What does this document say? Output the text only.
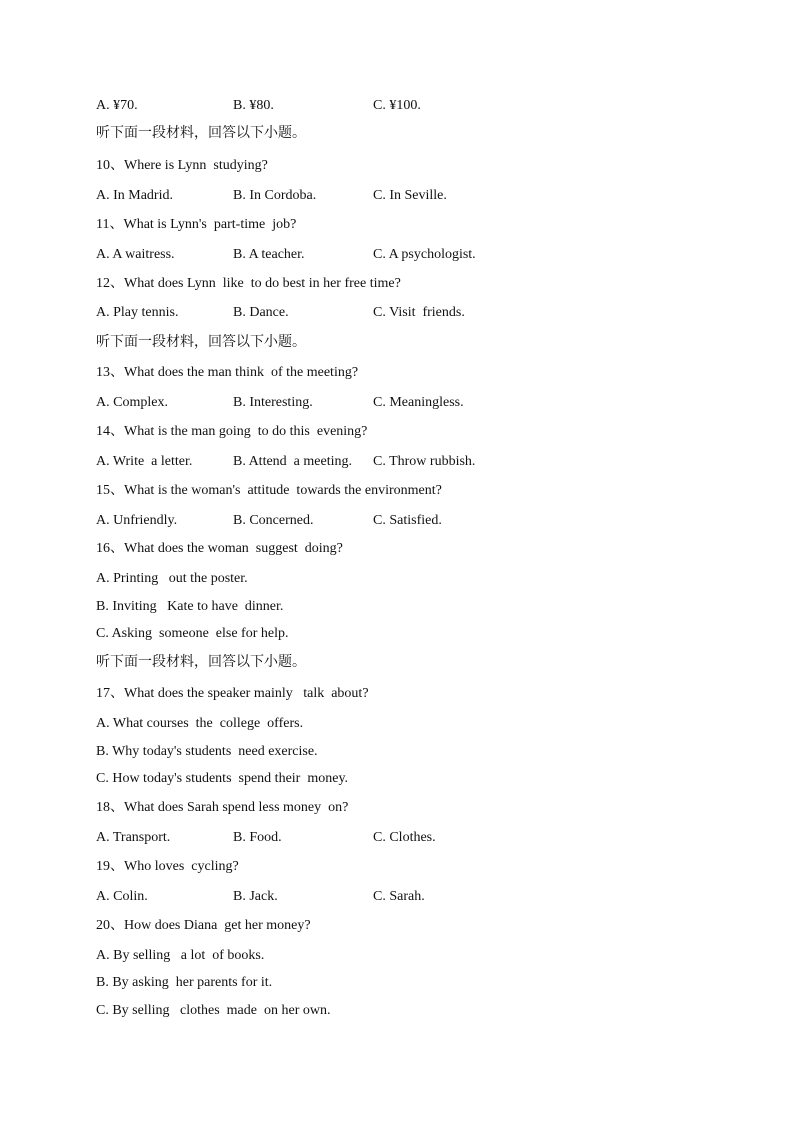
A. ¥70.	B. ¥80.	C. ¥100.
听下面一段材料，回答以下小题。
10、Where is Lynn  studying?
A. In Madrid.	B. In Cordoba.	C. In Seville.
11、What is Lynn's  part-time  job?
A. A waitress.	B. A teacher.	C. A psychologist.
12、What does Lynn  like  to do best in her free time?
A. Play tennis.	B. Dance.	C. Visit  friends.
听下面一段材料，回答以下小题。
13、What does the man think  of the meeting?
A. Complex.	B. Interesting.	C. Meaningless.
14、What is the man going  to do this  evening?
A. Write  a letter.	B. Attend  a meeting. C. Throw rubbish.
15、What is the woman's  attitude  towards the environment?
A. Unfriendly.	B. Concerned.	C. Satisfied.
16、What does the woman  suggest  doing?
A. Printing   out the poster.
B. Inviting   Kate to have  dinner.
C. Asking  someone  else for help.
听下面一段材料，回答以下小题。
17、What does the speaker mainly   talk  about?
A. What courses  the  college  offers.
B. Why today's students  need exercise.
C. How today's students  spend their  money.
18、What does Sarah spend less money  on?
A. Transport.	B. Food.	C. Clothes.
19、Who loves  cycling?
A. Colin.	B. Jack.	C. Sarah.
20、How does Diana  get her money?
A. By selling   a lot  of books.
B. By asking  her parents for it.
C. By selling   clothes  made  on her own.
